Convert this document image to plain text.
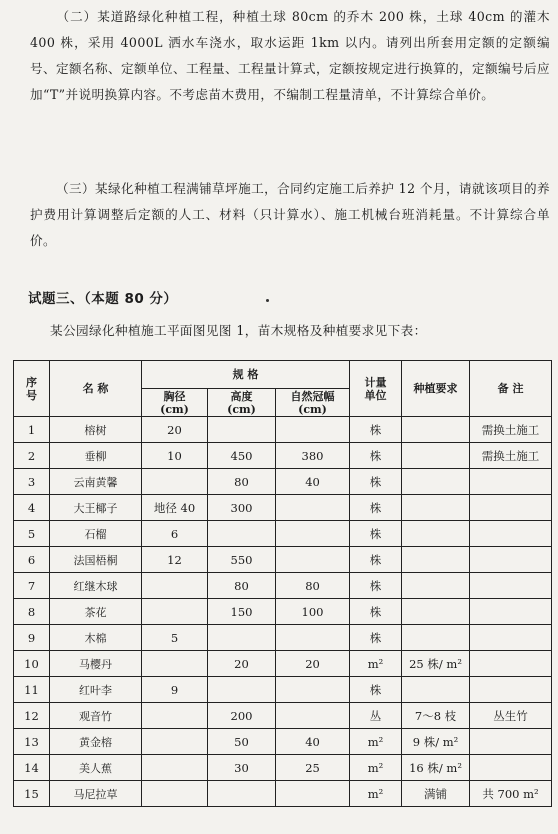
（二）某道路绿化种植工程，种植土球 80cm 的乔木 200 株，土球 40cm 的灌木 400 株，采用 4000L 洒水车浇水，取水运距 1km 以内。请列出所套用定额的定额编号、定额名称、定额单位、工程量、工程量计算式，定额按规定进行换算的，定额编号后应加“T”并说明换算内容。不考虑苗木费用，不编制工程量清单，不计算综合单价。
（三）某绿化种植工程满铺草坪施工，合同约定施工后养护 12 个月，请就该项目的养护费用计算调整后定额的人工、材料（只计算水）、施工机械台班消耗量。不计算综合单价。
试题三、（本题 80 分）
某公园绿化种植施工平面图见图 1，苗木规格及种植要求见下表：
序号	名 称	规 格			计量单位	种植要求	备 注
		胸径(cm)	高度(cm)	自然冠幅(cm)			
1	榕树	20			株		需换土施工
2	垂柳	10	450	380	株		需换土施工
3	云南黄馨		80	40	株		
4	大王椰子	地径 40	300		株		
5	石榴	6			株		
6	法国梧桐	12	550		株		
7	红继木球		80	80	株		
8	茶花		150	100	株		
9	木棉	5			株		
10	马樱丹		20	20	m²	25 株/ m²	
11	红叶李	9			株		
12	观音竹		200		丛	7～8 枝	丛生竹
13	黄金榕		50	40	m²	9 株/ m²	
14	美人蕉		30	25	m²	16 株/ m²	
15	马尼拉草				m²	满铺	共 700 m²
